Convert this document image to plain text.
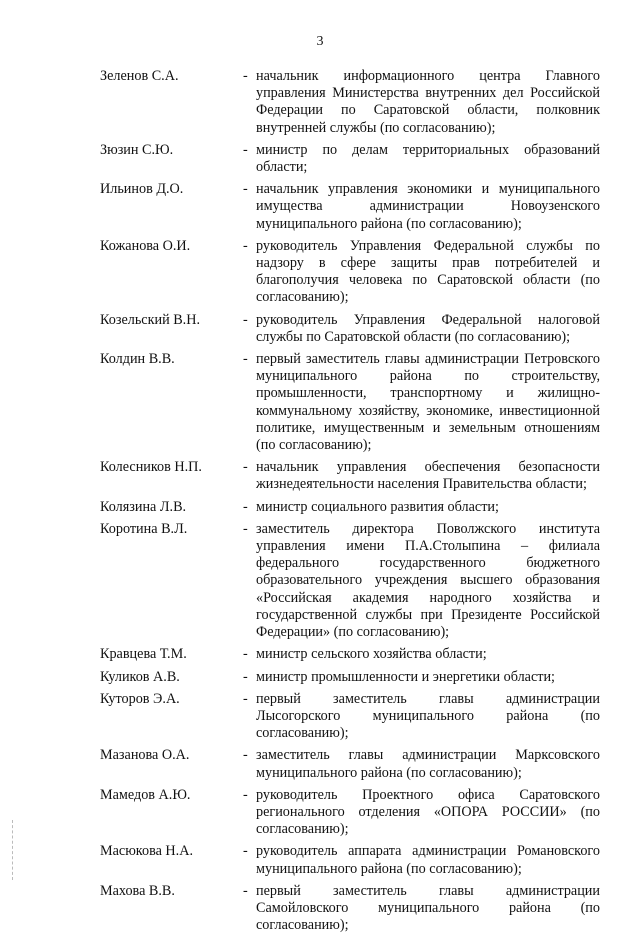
3
Зеленов С.А.	- начальник информационного центра Главного управления Министерства внутренних дел Российской Федерации по Саратовской области, полковник внутренней службы (по согласованию);
Зюзин С.Ю.	- министр по делам территориальных образований области;
Ильинов Д.О.	- начальник управления экономики и муниципального имущества администрации Новоузенского муниципального района (по согласованию);
Кожанова О.И.	- руководитель Управления Федеральной службы по надзору в сфере защиты прав потребителей и благополучия человека по Саратовской области (по согласованию);
Козельский В.Н.	- руководитель Управления Федеральной налоговой службы по Саратовской области (по согласованию);
Колдин В.В.	- первый заместитель главы администрации Петровского муниципального района по строительству, промышленности, транспортному и жилищно-коммунальному хозяйству, экономике, инвестиционной политике, имущественным и земельным отношениям (по согласованию);
Колесников Н.П.	- начальник управления обеспечения безопасности жизнедеятельности населения Правительства области;
Колязина Л.В.	- министр социального развития области;
Коротина В.Л.	- заместитель директора Поволжского института управления имени П.А.Столыпина – филиала федерального государственного бюджетного образовательного учреждения высшего образования «Российская академия народного хозяйства и государственной службы при Президенте Российской Федерации» (по согласованию);
Кравцева Т.М.	- министр сельского хозяйства области;
Куликов А.В.	- министр промышленности и энергетики области;
Куторов Э.А.	- первый заместитель главы администрации Лысогорского муниципального района (по согласованию);
Мазанова О.А.	- заместитель главы администрации Марксовского муниципального района (по согласованию);
Мамедов А.Ю.	- руководитель Проектного офиса Саратовского регионального отделения «ОПОРА РОССИИ» (по согласованию);
Масюкова Н.А.	- руководитель аппарата администрации Романовского муниципального района (по согласованию);
Махова В.В.	- первый заместитель главы администрации Самойловского муниципального района (по согласованию);
